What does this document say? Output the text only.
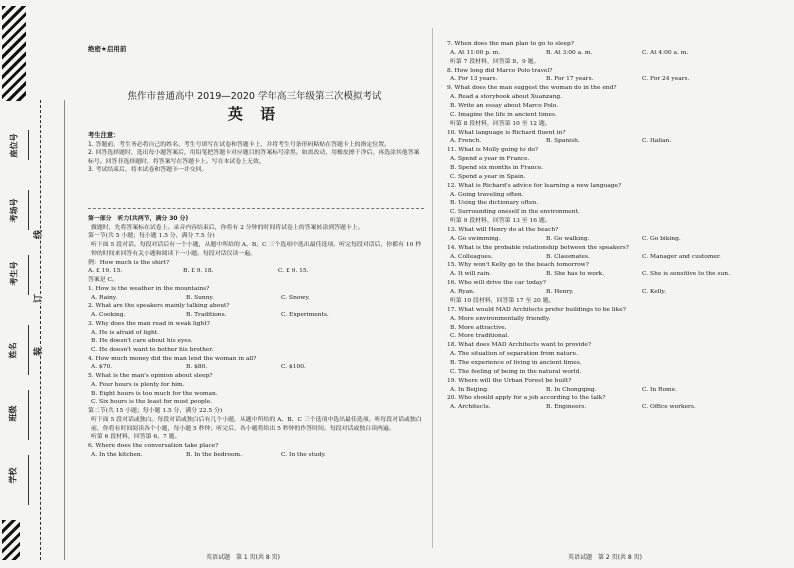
座位号
考场号
考生号
姓名
班级
学校
线
订
装
绝密★启用前
焦作市普通高中 2019—2020 学年高三年级第三次模拟考试
英 语
考生注意：
1. 答题前，考生务必将自己的姓名、考生号填写在试卷和答题卡上，并将考生号条形码粘贴在答题卡上的指定位置。
2. 回答选择题时，选出每小题答案后，用铅笔把答题卡对应题目的答案标号涂黑。如需改动，用橡皮擦干净后，再选涂其他答案标号。回答非选择题时，将答案写在答题卡上。写在本试卷上无效。
3. 考试结束后，将本试卷和答题卡一并交回。
第一部分　听力(共两节，满分 30 分)
做题时，先将答案标在试卷上。录音内容结束后，你将有 2 分钟的时间将试卷上的答案转涂到答题卡上。
第一节(共 5 小题；每小题 1.5 分，满分 7.5 分)
听下面 5 段对话。每段对话后有一个小题，从题中所给的 A、B、C 三个选项中选出最佳选项。听完每段对话后，你都有 10 秒钟的时间来回答有关小题和阅读下一小题。每段对话仅读一遍。
例：How much is the shirt?
A. £ 19. 15.	B. £ 9. 18.	C. £ 9. 15.
答案是 C。
1. How is the weather in the mountains?
A. Rainy.	B. Sunny.	C. Snowy.
2. What are the speakers mainly talking about?
A. Cooking.	B. Traditions.	C. Experiments.
3. Why does the man read in weak light?
A. He is afraid of light.
B. He doesn't care about his eyes.
C. He doesn't want to bother his brother.
4. How much money did the man lend the woman in all?
A. $70.	B. $80.	C. $100.
5. What is the man's opinion about sleep?
A. Four hours is plenty for him.
B. Eight hours is too much for the woman.
C. Six hours is the least for most people.
第二节(共 15 小题；每小题 1.5 分，满分 22.5 分)
听下面 5 段对话或独白。每段对话或独白后有几个小题，从题中所给的 A、B、C 三个选项中选出最佳选项。听每段对话或独白前，你将有时间阅读各个小题，每小题 5 秒钟；听完后，各小题将给出 5 秒钟的作答时间。每段对话或独白读两遍。
听第 6 段材料，回答第 6、7 题。
6. Where does the conversation take place?
A. In the kitchen.	B. In the bedroom.	C. In the study.
7. When does the man plan to go to sleep?
A. At 11:00 p. m.	B. At 3:00 a. m.	C. At 4:00 a. m.
听第 7 段材料，回答第 8、9 题。
8. How long did Marco Polo travel?
A. For 13 years.	B. For 17 years.	C. For 24 years.
9. What does the man suggest the woman do in the end?
A. Read a storybook about Xuanzang.
B. Write an essay about Marco Polo.
C. Imagine the life in ancient times.
听第 8 段材料，回答第 10 至 12 题。
10. What language is Richard fluent in?
A. French.	B. Spanish.	C. Italian.
11. What is Molly going to do?
A. Spend a year in France.
B. Spend six months in France.
C. Spend a year in Spain.
12. What is Richard's advice for learning a new language?
A. Going traveling often.
B. Using the dictionary often.
C. Surrounding oneself in the environment.
听第 9 段材料，回答第 13 至 16 题。
13. What will Henry do at the beach?
A. Go swimming.	B. Go walking.	C. Go biking.
14. What is the probable relationship between the speakers?
A. Colleagues.	B. Classmates.	C. Manager and customer.
15. Why won't Kelly go to the beach tomorrow?
A. It will rain.	B. She has to work.	C. She is sensitive to the sun.
16. Who will drive the car today?
A. Ryan.	B. Henry.	C. Kelly.
听第 10 段材料，回答第 17 至 20 题。
17. What would MAD Architects prefer buildings to be like?
A. More environmentally friendly.
B. More attractive.
C. More traditional.
18. What does MAD Architects want to provide?
A. The situation of separation from nature.
B. The experience of living in ancient times.
C. The feeling of being in the natural world.
19. Where will the Urban Forest be built?
A. In Beijing.	B. In Chongqing.	C. In Rome.
20. Who should apply for a job according to the talk?
A. Architects.	B. Engineers.	C. Office workers.
英语试题　第 1 页(共 8 页)	英语试题　第 2 页(共 8 页)
